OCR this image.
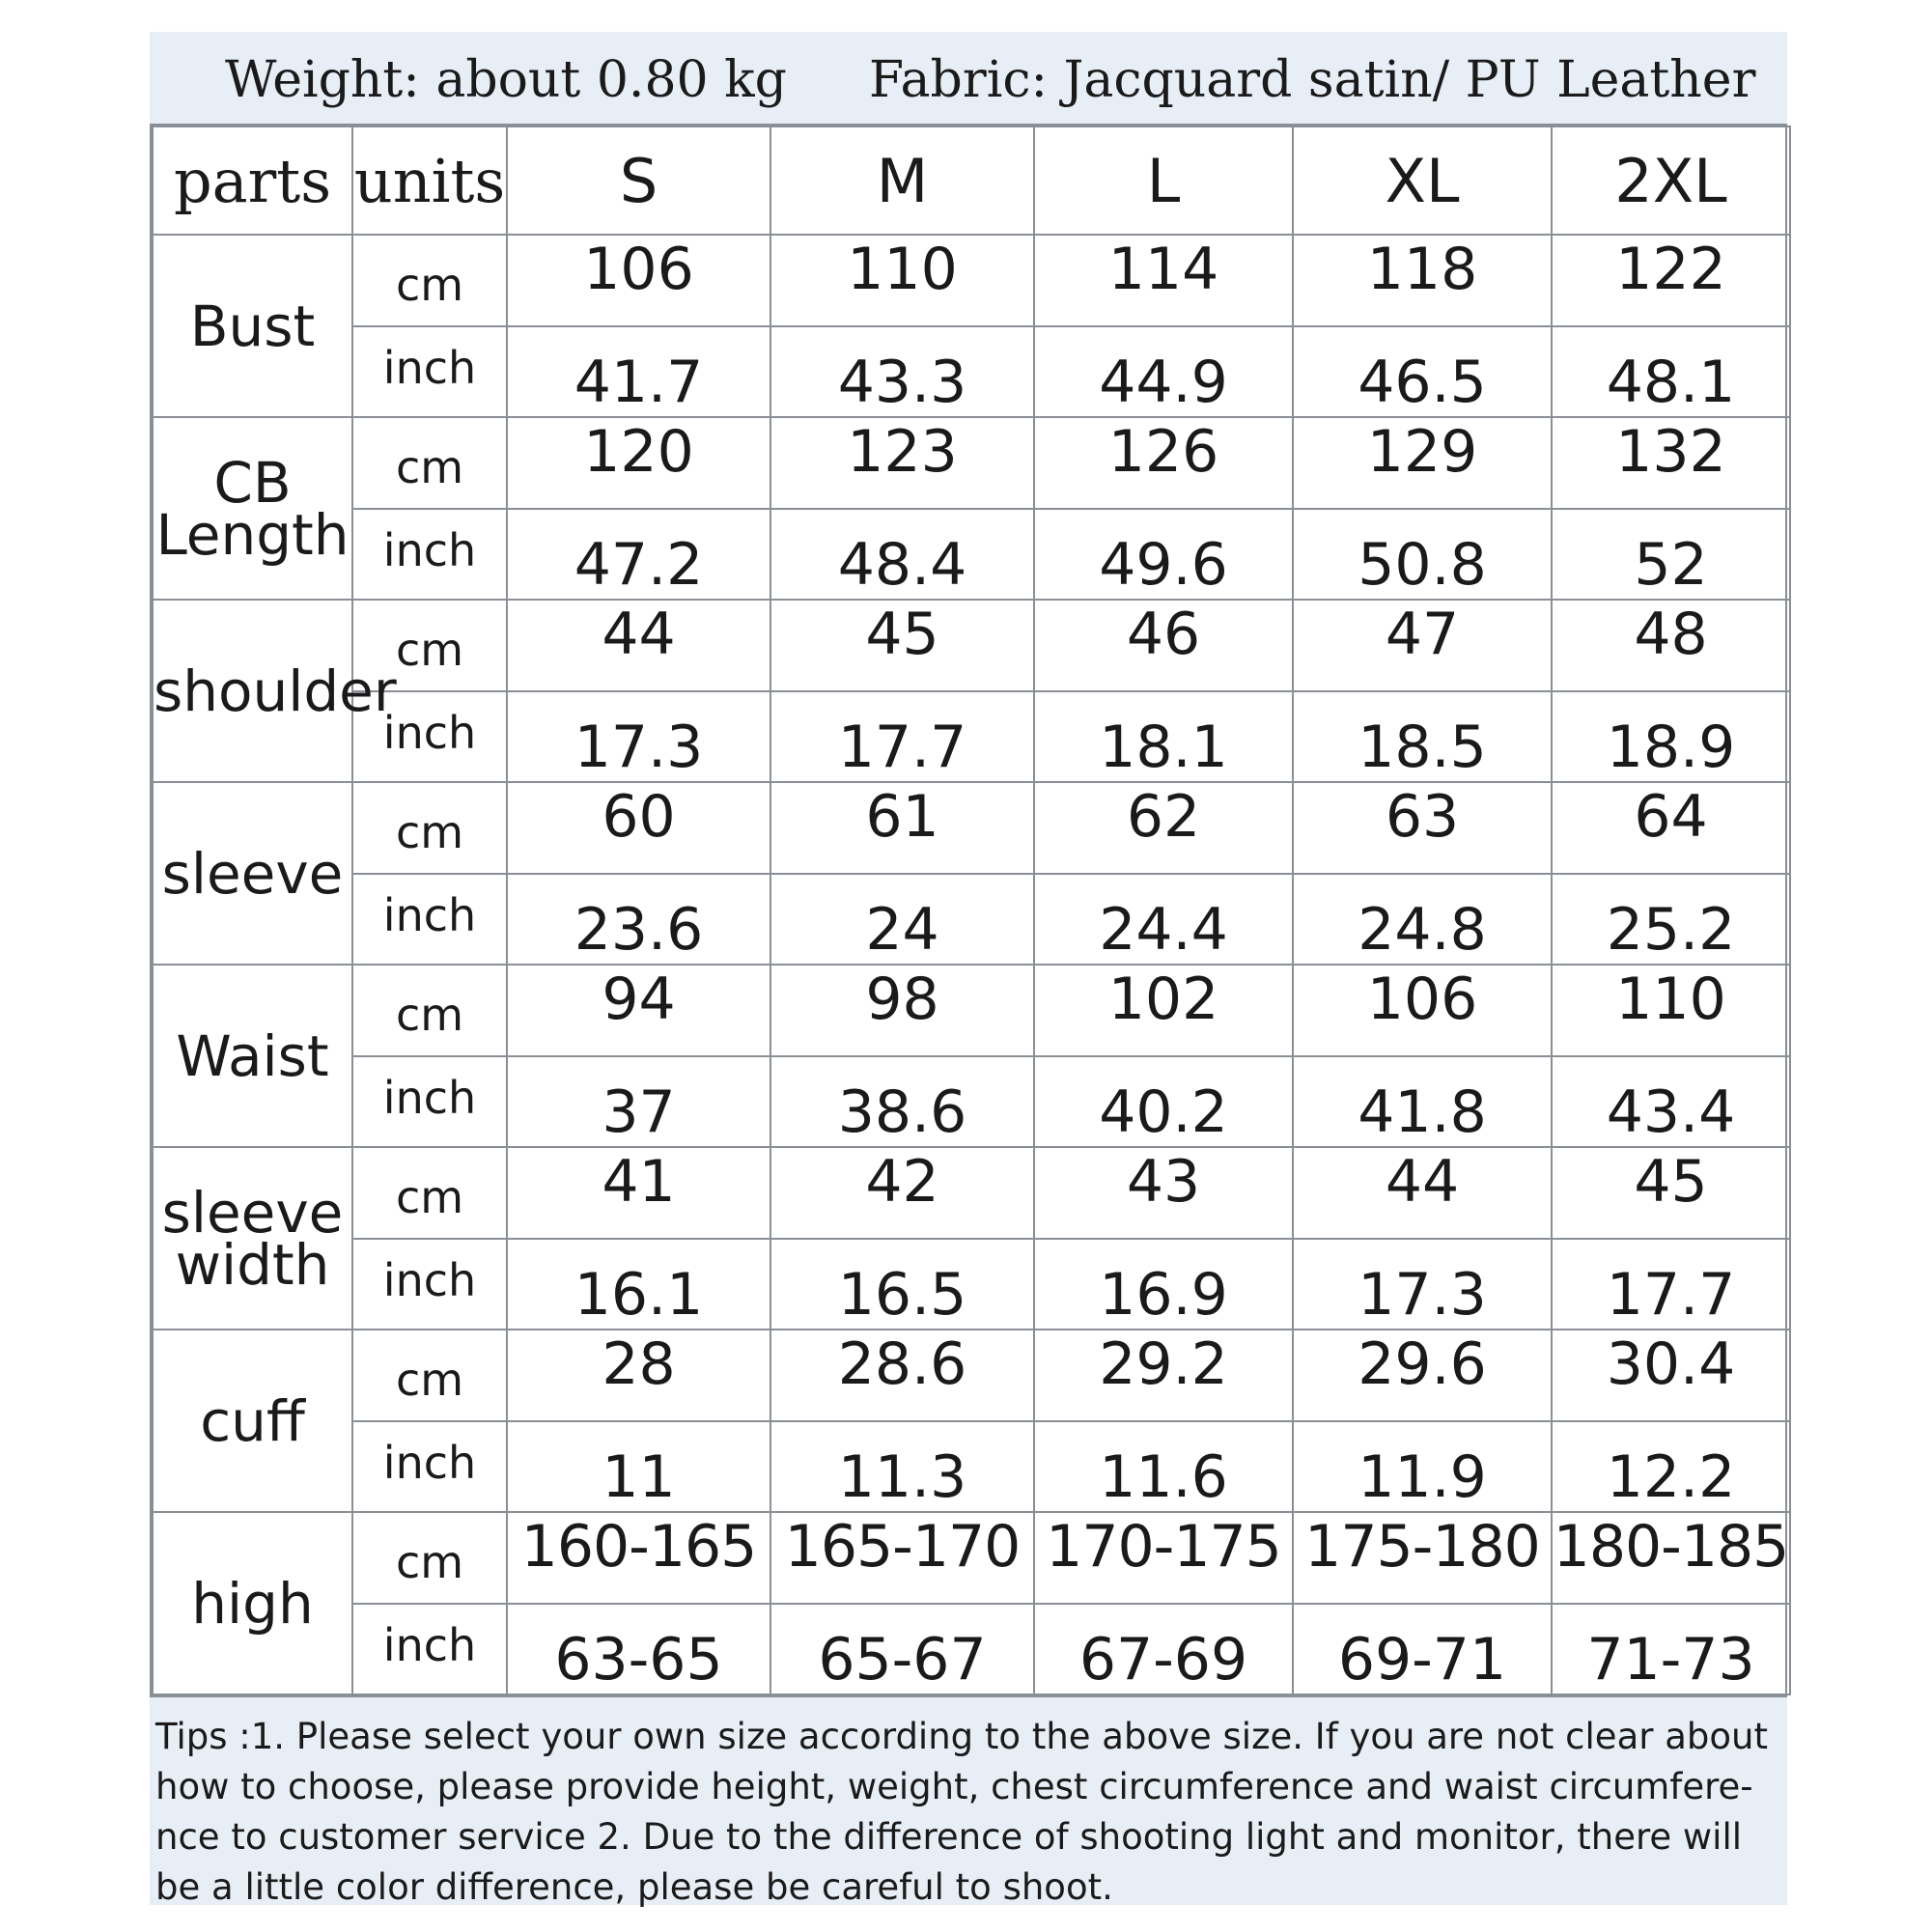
Weight: about 0.80 kg Fabric: Jacquard satin/ PU Leather
parts	units	S	M	L	XL	2XL
Bust	cm	106	110	114	118	122
	inch	41.7	43.3	44.9	46.5	48.1
CB Length	cm	120	123	126	129	132
	inch	47.2	48.4	49.6	50.8	52
shoulder	cm	44	45	46	47	48
	inch	17.3	17.7	18.1	18.5	18.9
sleeve	cm	60	61	62	63	64
	inch	23.6	24	24.4	24.8	25.2
Waist	cm	94	98	102	106	110
	inch	37	38.6	40.2	41.8	43.4
sleeve width	cm	41	42	43	44	45
	inch	16.1	16.5	16.9	17.3	17.7
cuff	cm	28	28.6	29.2	29.6	30.4
	inch	11	11.3	11.6	11.9	12.2
high	cm	160-165	165-170	170-175	175-180	180-185
	inch	63-65	65-67	67-69	69-71	71-73
Tips :1. Please select your own size according to the above size. If you are not clear about how to choose, please provide height, weight, chest circumference and waist circumfere-nce to customer service 2. Due to the difference of shooting light and monitor, there will be a little color difference, please be careful to shoot.
